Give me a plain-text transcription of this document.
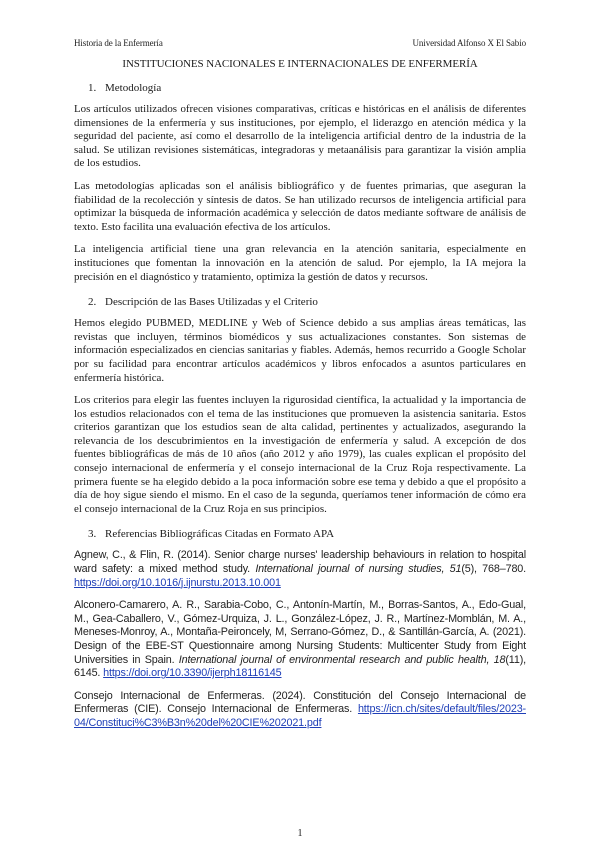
Historia de la Enfermería	Universidad Alfonso X El Sabio
INSTITUCIONES NACIONALES E INTERNACIONALES DE ENFERMERÍA
1. Metodología

Los artículos utilizados ofrecen visiones comparativas, críticas e históricas en el análisis de diferentes dimensiones de la enfermería y sus instituciones, por ejemplo, el liderazgo en atención médica y la seguridad del paciente, así como el desarrollo de la inteligencia artificial dentro de la industria de la salud. Se utilizan revisiones sistemáticas, integradoras y metaanálisis para garantizar la visión amplia de los estudios.

Las metodologías aplicadas son el análisis bibliográfico y de fuentes primarias, que aseguran la fiabilidad de la recolección y síntesis de datos. Se han utilizado recursos de inteligencia artificial para optimizar la búsqueda de información académica y selección de datos mediante software de análisis de texto. Esto facilita una evaluación efectiva de los artículos.

La inteligencia artificial tiene una gran relevancia en la atención sanitaria, especialmente en instituciones que fomentan la innovación en la atención de salud. Por ejemplo, la IA mejora la precisión en el diagnóstico y tratamiento, optimiza la gestión de datos y recursos.

2. Descripción de las Bases Utilizadas y el Criterio

Hemos elegido PUBMED, MEDLINE y Web of Science debido a sus amplias áreas temáticas, las revistas que incluyen, términos biomédicos y sus actualizaciones constantes. Son sistemas de información especializados en ciencias sanitarias y fiables. Además, hemos recurrido a Google Scholar por su facilidad para encontrar artículos académicos y libros enfocados a asuntos particulares en enfermería histórica.

Los criterios para elegir las fuentes incluyen la rigurosidad científica, la actualidad y la importancia de los estudios relacionados con el tema de las instituciones que promueven la asistencia sanitaria. Estos criterios garantizan que los estudios sean de alta calidad, pertinentes y actualizados, asegurando la relevancia de los descubrimientos en la investigación de enfermería y salud. A excepción de dos fuentes bibliográficas de más de 10 años (año 2012 y año 1979), las cuales explican el propósito del consejo internacional de enfermería y el consejo internacional de la Cruz Roja respectivamente. La primera fuente se ha elegido debido a la poca información sobre ese tema y debido a que el propósito a día de hoy sigue siendo el mismo. En el caso de la segunda, queríamos tener información de cómo era el consejo internacional de la Cruz Roja en sus principios.

3. Referencias Bibliográficas Citadas en Formato APA

Agnew, C., & Flin, R. (2014). Senior charge nurses' leadership behaviours in relation to hospital ward safety: a mixed method study. International journal of nursing studies, 51(5), 768–780. https://doi.org/10.1016/j.ijnurstu.2013.10.001

Alconero-Camarero, A. R., Sarabia-Cobo, C., Antonín-Martín, M., Borras-Santos, A., Edo-Gual, M., Gea-Caballero, V., Gómez-Urquiza, J. L., González-López, J. R., Martínez-Momblán, M. A., Meneses-Monroy, A., Montaña-Peironcely, M, Serrano-Gómez, D., & Santillán-García, A. (2021). Design of the EBE-ST Questionnaire among Nursing Students: Multicenter Study from Eight Universities in Spain. International journal of environmental research and public health, 18(11), 6145. https://doi.org/10.3390/ijerph18116145

Consejo Internacional de Enfermeras. (2024). Constitución del Consejo Internacional de Enfermeras (CIE). Consejo Internacional de Enfermeras. https://icn.ch/sites/default/files/2023-04/Constituci%C3%B3n%20del%20CIE%202021.pdf

1
